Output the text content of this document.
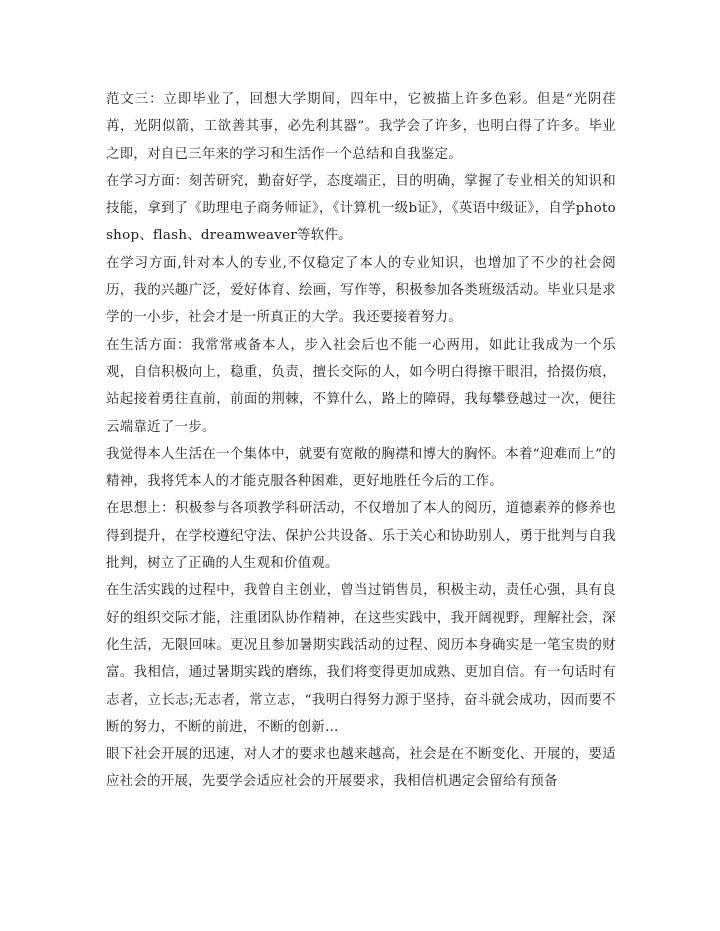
范文三：立即毕业了，回想大学期间，四年中，它被描上许多色彩。但是“光阴荏苒，光阴似箭，工欲善其事，必先利其器”。我学会了许多，也明白得了许多。毕业之即，对自已三年来的学习和生活作一个总结和自我鉴定。

在学习方面：刻苦研究，勤奋好学，态度端正，目的明确，掌握了专业相关的知识和技能，拿到了《助理电子商务师证》，《计算机一级b证》，《英语中级证》，自学photoshop、flash、dreamweaver等软件。

在学习方面,针对本人的专业,不仅稳定了本人的专业知识，也增加了不少的社会阅历，我的兴趣广泛，爱好体育、绘画，写作等，积极参加各类班级活动。毕业只是求学的一小步，社会才是一所真正的大学。我还要接着努力。

在生活方面：我常常戒备本人，步入社会后也不能一心两用，如此让我成为一个乐观，自信积极向上，稳重，负责，擅长交际的人，如今明白得擦干眼泪，拾掇伤痕，站起接着勇往直前，前面的荆棘，不算什么，路上的障碍，我每攀登越过一次，便往云端靠近了一步。

我觉得本人生活在一个集体中，就要有宽敞的胸襟和博大的胸怀。本着“迎难而上”的精神，我将凭本人的才能克服各种困难，更好地胜任今后的工作。

在思想上：积极参与各项教学科研活动，不仅增加了本人的阅历，道德素养的修养也得到提升，在学校遵纪守法、保护公共设备、乐于关心和协助别人，勇于批判与自我批判，树立了正确的人生观和价值观。

在生活实践的过程中，我曾自主创业，曾当过销售员，积极主动，责任心强，具有良好的组织交际才能，注重团队协作精神，在这些实践中，我开阔视野，理解社会，深化生活，无限回味。更况且参加暑期实践活动的过程、阅历本身确实是一笔宝贵的财富。我相信，通过暑期实践的磨练，我们将变得更加成熟、更加自信。有一句话时有志者，立长志;无志者，常立志，“我明白得努力源于坚持，奋斗就会成功，因而要不断的努力，不断的前进，不断的创新…

眼下社会开展的迅速，对人才的要求也越来越高，社会是在不断变化、开展的，要适应社会的开展，先要学会适应社会的开展要求，我相信机遇定会留给有预备
